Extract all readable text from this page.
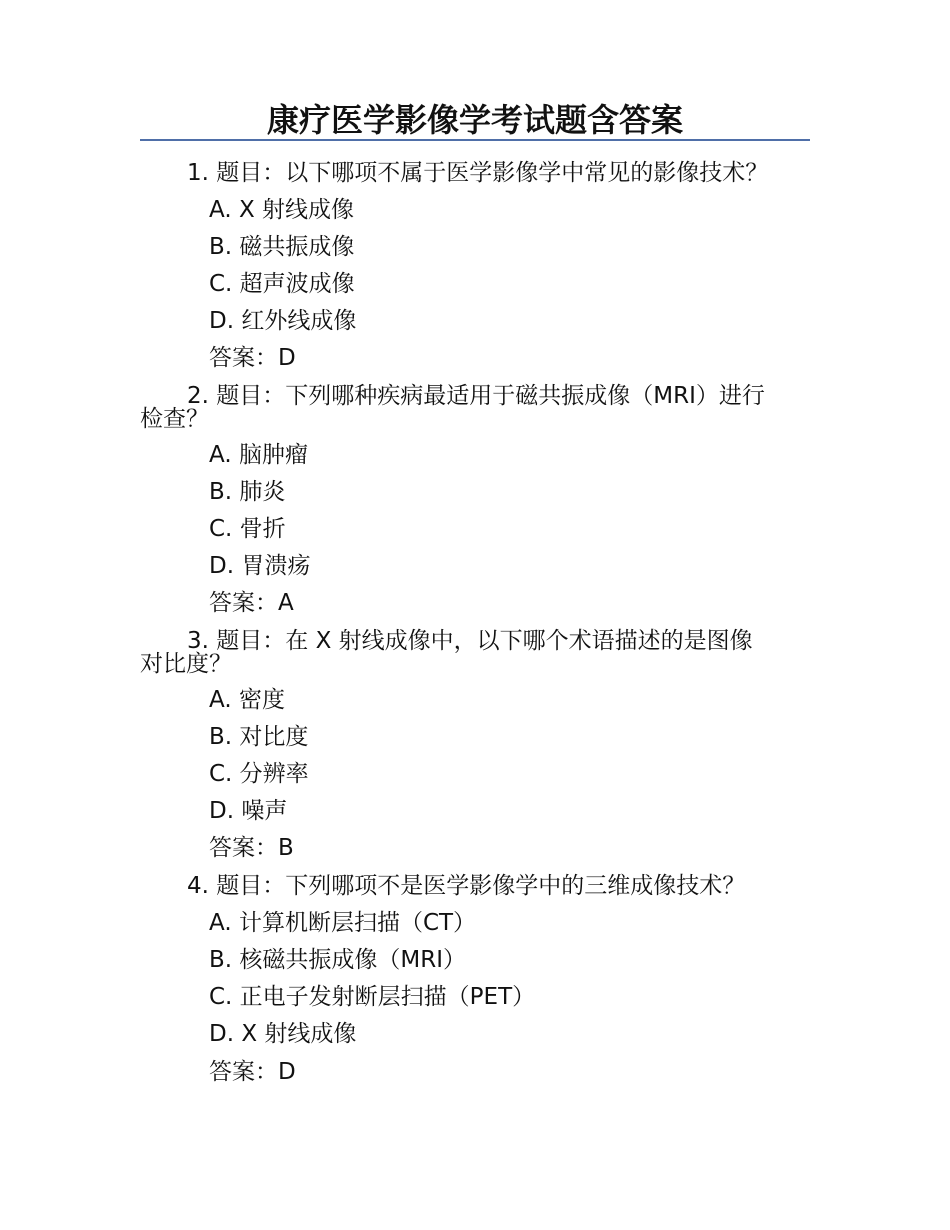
康疗医学影像学考试题含答案
1. 题目：以下哪项不属于医学影像学中常见的影像技术？
A. X 射线成像
B. 磁共振成像
C. 超声波成像
D. 红外线成像
答案：D
2. 题目：下列哪种疾病最适用于磁共振成像（MRI）进行
检查？
A. 脑肿瘤
B. 肺炎
C. 骨折
D. 胃溃疡
答案：A
3. 题目：在 X 射线成像中，以下哪个术语描述的是图像
对比度？
A. 密度
B. 对比度
C. 分辨率
D. 噪声
答案：B
4. 题目：下列哪项不是医学影像学中的三维成像技术？
A. 计算机断层扫描（CT）
B. 核磁共振成像（MRI）
C. 正电子发射断层扫描（PET）
D. X 射线成像
答案：D
